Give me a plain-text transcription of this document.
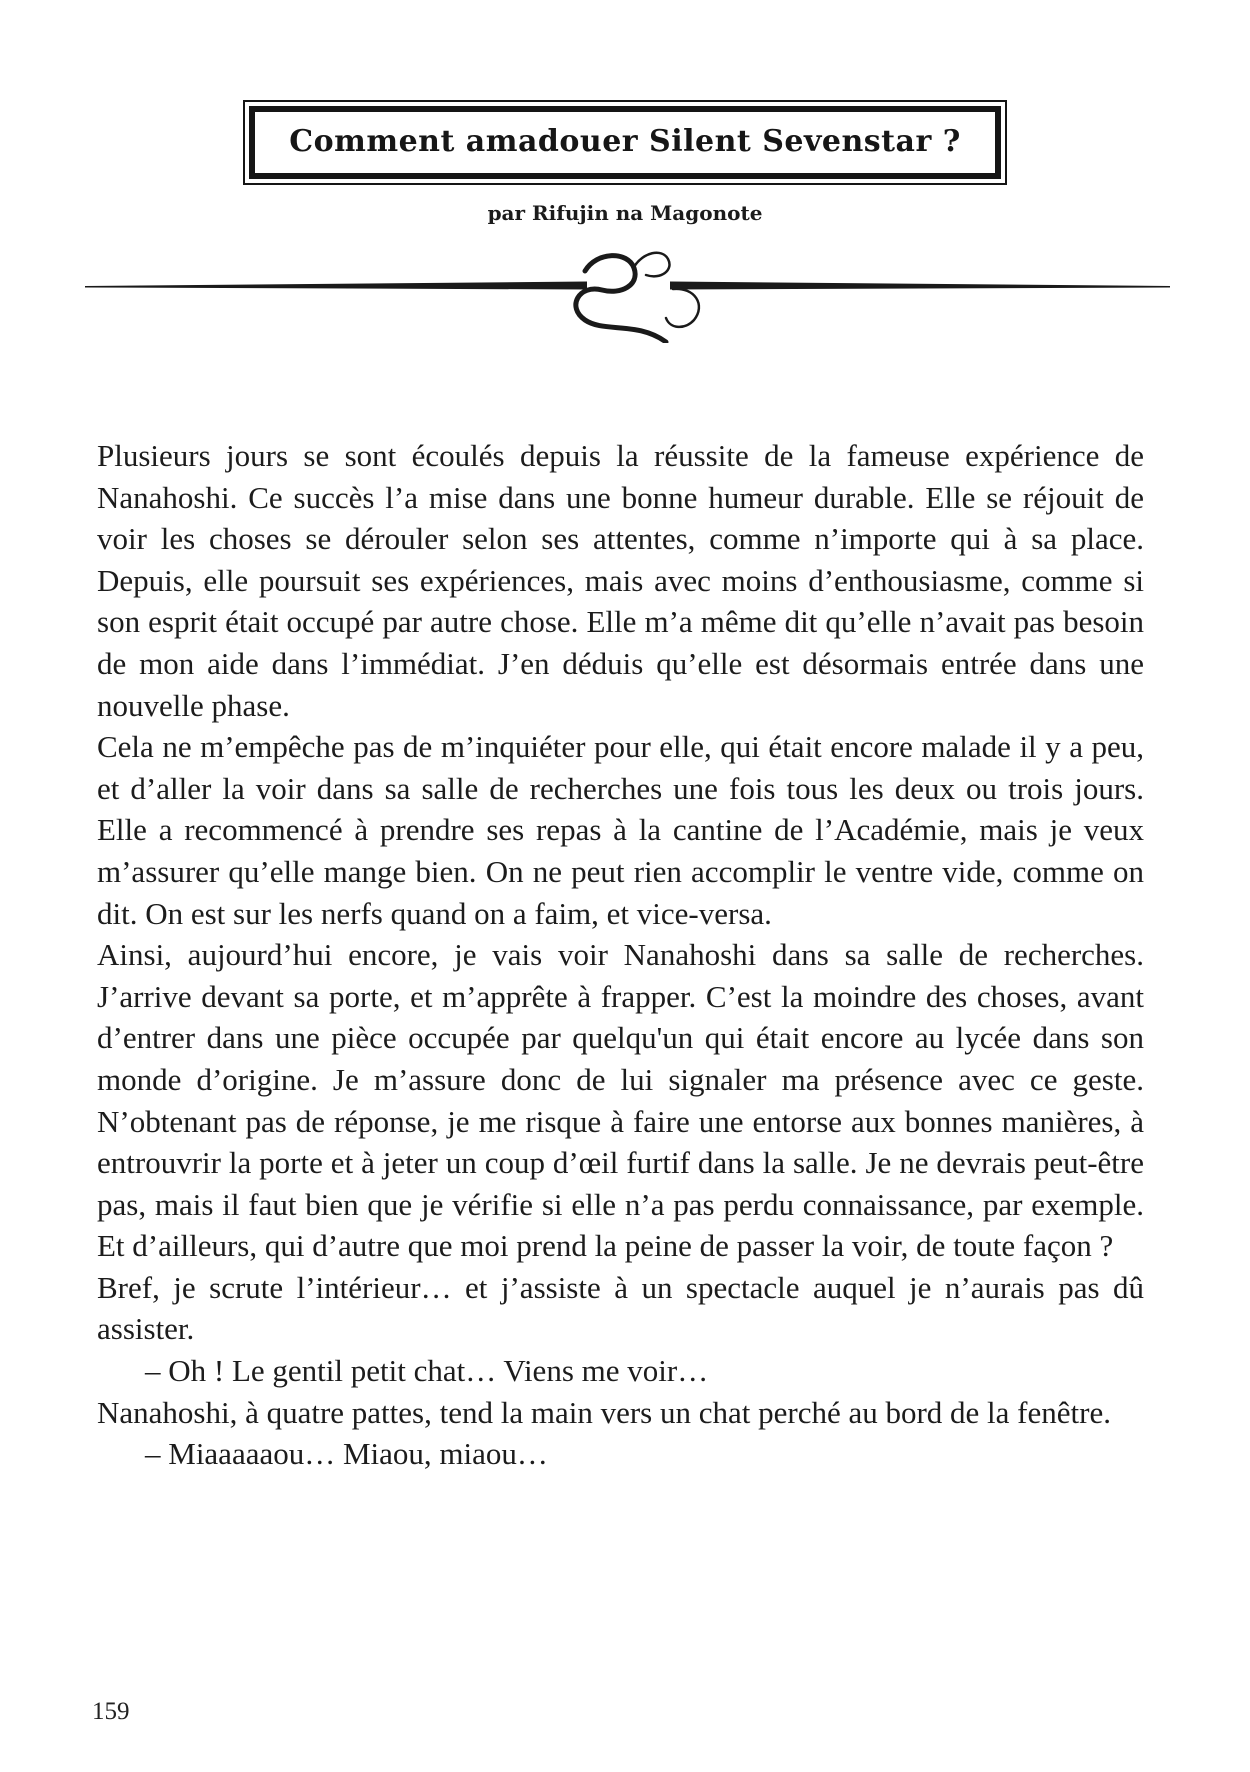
Comment amadouer Silent Sevenstar ?
par Rifujin na Magonote

Plusieurs jours se sont écoulés depuis la réussite de la fameuse expérience de Nanahoshi. Ce succès l’a mise dans une bonne humeur durable. Elle se réjouit de voir les choses se dérouler selon ses attentes, comme n’importe qui à sa place. Depuis, elle poursuit ses expériences, mais avec moins d’enthousiasme, comme si son esprit était occupé par autre chose. Elle m’a même dit qu’elle n’avait pas besoin de mon aide dans l’immédiat. J’en déduis qu’elle est désormais entrée dans une nouvelle phase.

Cela ne m’empêche pas de m’inquiéter pour elle, qui était encore malade il y a peu, et d’aller la voir dans sa salle de recherches une fois tous les deux ou trois jours. Elle a recommencé à prendre ses repas à la cantine de l’Académie, mais je veux m’assurer qu’elle mange bien. On ne peut rien accomplir le ventre vide, comme on dit. On est sur les nerfs quand on a faim, et vice-versa.

Ainsi, aujourd’hui encore, je vais voir Nanahoshi dans sa salle de recherches. J’arrive devant sa porte, et m’apprête à frapper. C’est la moindre des choses, avant d’entrer dans une pièce occupée par quelqu'un qui était encore au lycée dans son monde d’origine. Je m’assure donc de lui signaler ma présence avec ce geste. N’obtenant pas de réponse, je me risque à faire une entorse aux bonnes manières, à entrouvrir la porte et à jeter un coup d’œil furtif dans la salle. Je ne devrais peut-être pas, mais il faut bien que je vérifie si elle n’a pas perdu connaissance, par exemple. Et d’ailleurs, qui d’autre que moi prend la peine de passer la voir, de toute façon ?

Bref, je scrute l’intérieur… et j’assiste à un spectacle auquel je n’aurais pas dû assister.

– Oh ! Le gentil petit chat… Viens me voir…

Nanahoshi, à quatre pattes, tend la main vers un chat perché au bord de la fenêtre.

– Miaaaaaou… Miaou, miaou…

159
